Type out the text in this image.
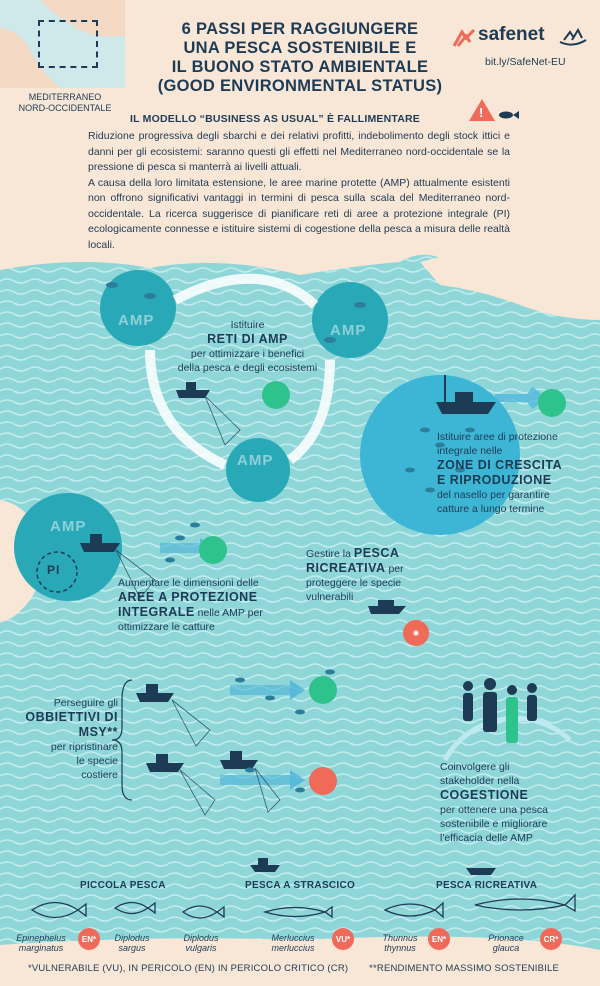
✱
MEDITERRANEO
NORD-OCCIDENTALE
6 PASSI PER RAGGIUNGERE
UNA PESCA SOSTENIBILE E
IL BUONO STATO AMBIENTALE
(GOOD ENVIRONMENTAL STATUS)
safenet
bit.ly/SafeNet-EU
IL MODELLO “BUSINESS AS USUAL” È FALLIMENTARE	!
Riduzione progressiva degli sbarchi e dei relativi profitti, indebolimento degli stock ittici e danni per gli ecosistemi: saranno questi gli effetti nel Mediterraneo nord-occidentale se la pressione di pesca si manterrà ai livelli attuali.
A causa della loro limitata estensione, le aree marine protette (AMP) attualmente esistenti non offrono significativi vantaggi in termini di pesca sulla scala del Mediterraneo nord-occidentale. La ricerca suggerisce di pianificare reti di aree a protezione integrale (PI) ecologicamente connesse e istituire sistemi di cogestione della pesca a misura delle realtà locali.
AMP
AMP
AMP
AMP
PI
Istituire
RETI DI AMP
per ottimizzare i benefici
della pesca e degli ecosistemi
Istituire aree di protezione
integrale nelle
ZONE DI CRESCITA
E RIPRODUZIONE
del nasello per garantire
catture a lungo termine
Aumentare le dimensioni delle
AREE A PROTEZIONE
INTEGRALE nelle AMP per
ottimizzare le catture
Gestire la PESCA
RICREATIVA per
proteggere le specie
vulnerabili
Perseguire gli
OBBIETTIVI DI
MSY**
per ripristinare
le specie
costiere
Coinvolgere gli
stakeholder nella
COGESTIONE
per ottenere una pesca
sostenibile e migliorare
l'efficacia delle AMP
PICCOLA PESCA	PESCA A STRASCICO	PESCA RICREATIVA
Epinephelus
marginatus
EN*	Diplodus
sargus
Diplodus
vulgaris
Merluccius
merluccius
VU*	Thunnus
thynnus
EN*	Prionace
glauca
CR*
*VULNERABILE (VU), IN PERICOLO (EN) IN PERICOLO CRITICO (CR) **RENDIMENTO MASSIMO SOSTENIBILE
